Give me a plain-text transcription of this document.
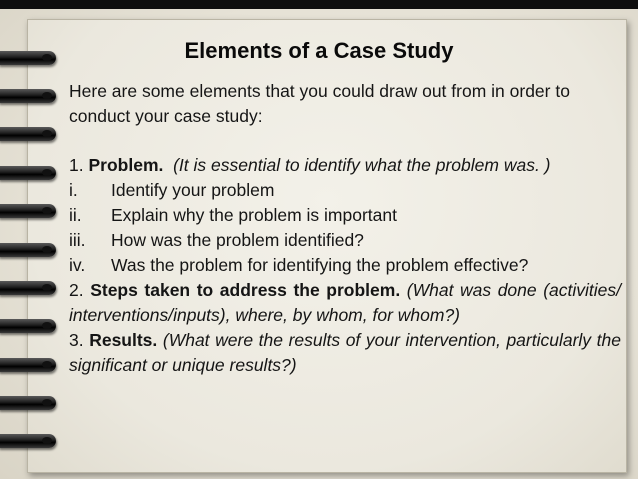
Elements of a Case Study
Here are some elements that you could draw out from in order to conduct your case study:
1. Problem. (It is essential to identify what the problem was. )
i.	Identify your problem
ii.	Explain why the problem is important
iii.	How was the problem identified?
iv.	Was the problem for identifying the problem effective?
2. Steps taken to address the problem. (What was done (activities/ interventions/inputs), where, by whom, for whom?)
3. Results. (What were the results of your intervention, particularly the significant or unique results?)
